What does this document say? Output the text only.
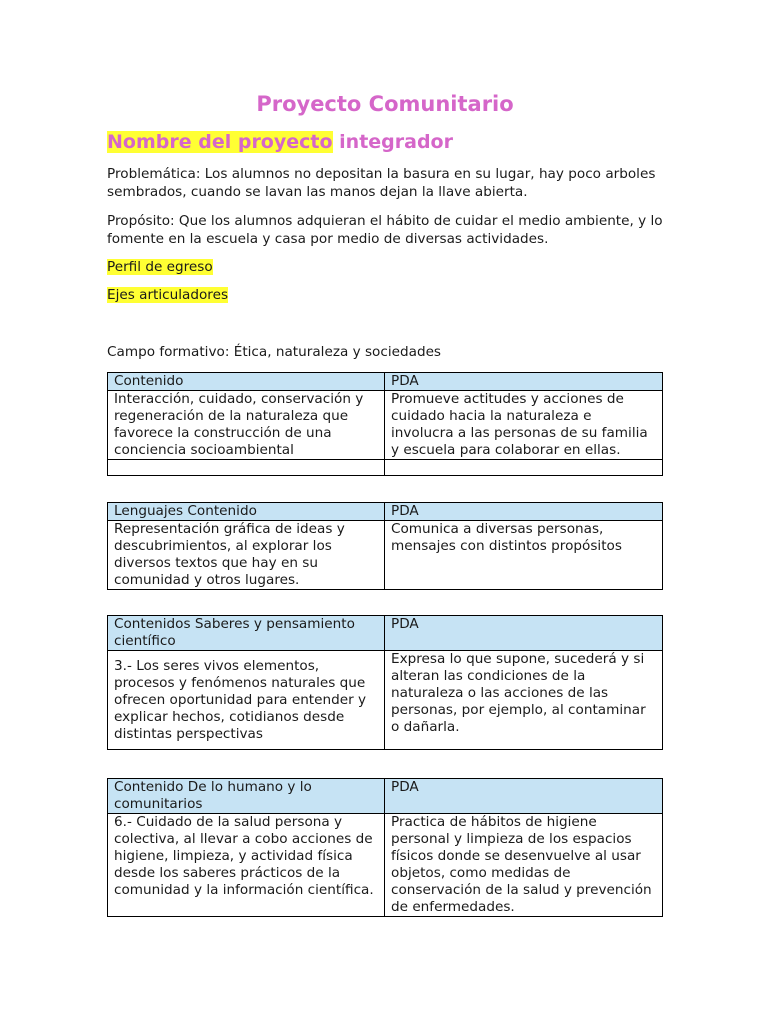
Proyecto Comunitario
Nombre del proyecto integrador

Problemática: Los alumnos no depositan la basura en su lugar, hay poco arboles sembrados, cuando se lavan las manos dejan la llave abierta.

Propósito: Que los alumnos adquieran el hábito de cuidar el medio ambiente, y lo fomente en la escuela y casa por medio de diversas actividades.

Perfil de egreso

Ejes articuladores

Campo formativo: Ética, naturaleza y sociedades

Contenido	PDA
Interacción, cuidado, conservación y regeneración de la naturaleza que favorece la construcción de una conciencia socioambiental	Promueve actitudes y acciones de cuidado hacia la naturaleza e involucra a las personas de su familia y escuela para colaborar en ellas.

Lenguajes Contenido	PDA
Representación gráfica de ideas y descubrimientos, al explorar los diversos textos que hay en su comunidad y otros lugares.	Comunica a diversas personas, mensajes con distintos propósitos
Contenidos Saberes y pensamiento científico	PDA
3.- Los seres vivos elementos, procesos y fenómenos naturales que ofrecen oportunidad para entender y explicar hechos, cotidianos desde distintas perspectivas	Expresa lo que supone, sucederá y si alteran las condiciones de la naturaleza o las acciones de las personas, por ejemplo, al contaminar o dañarla.
Contenido De lo humano y lo comunitarios	PDA
6.- Cuidado de la salud persona y colectiva, al llevar a cobo acciones de higiene, limpieza, y actividad física desde los saberes prácticos de la comunidad y la información científica.	Practica de hábitos de higiene personal y limpieza de los espacios físicos donde se desenvuelve al usar objetos, como medidas de conservación de la salud y prevención de enfermedades.
